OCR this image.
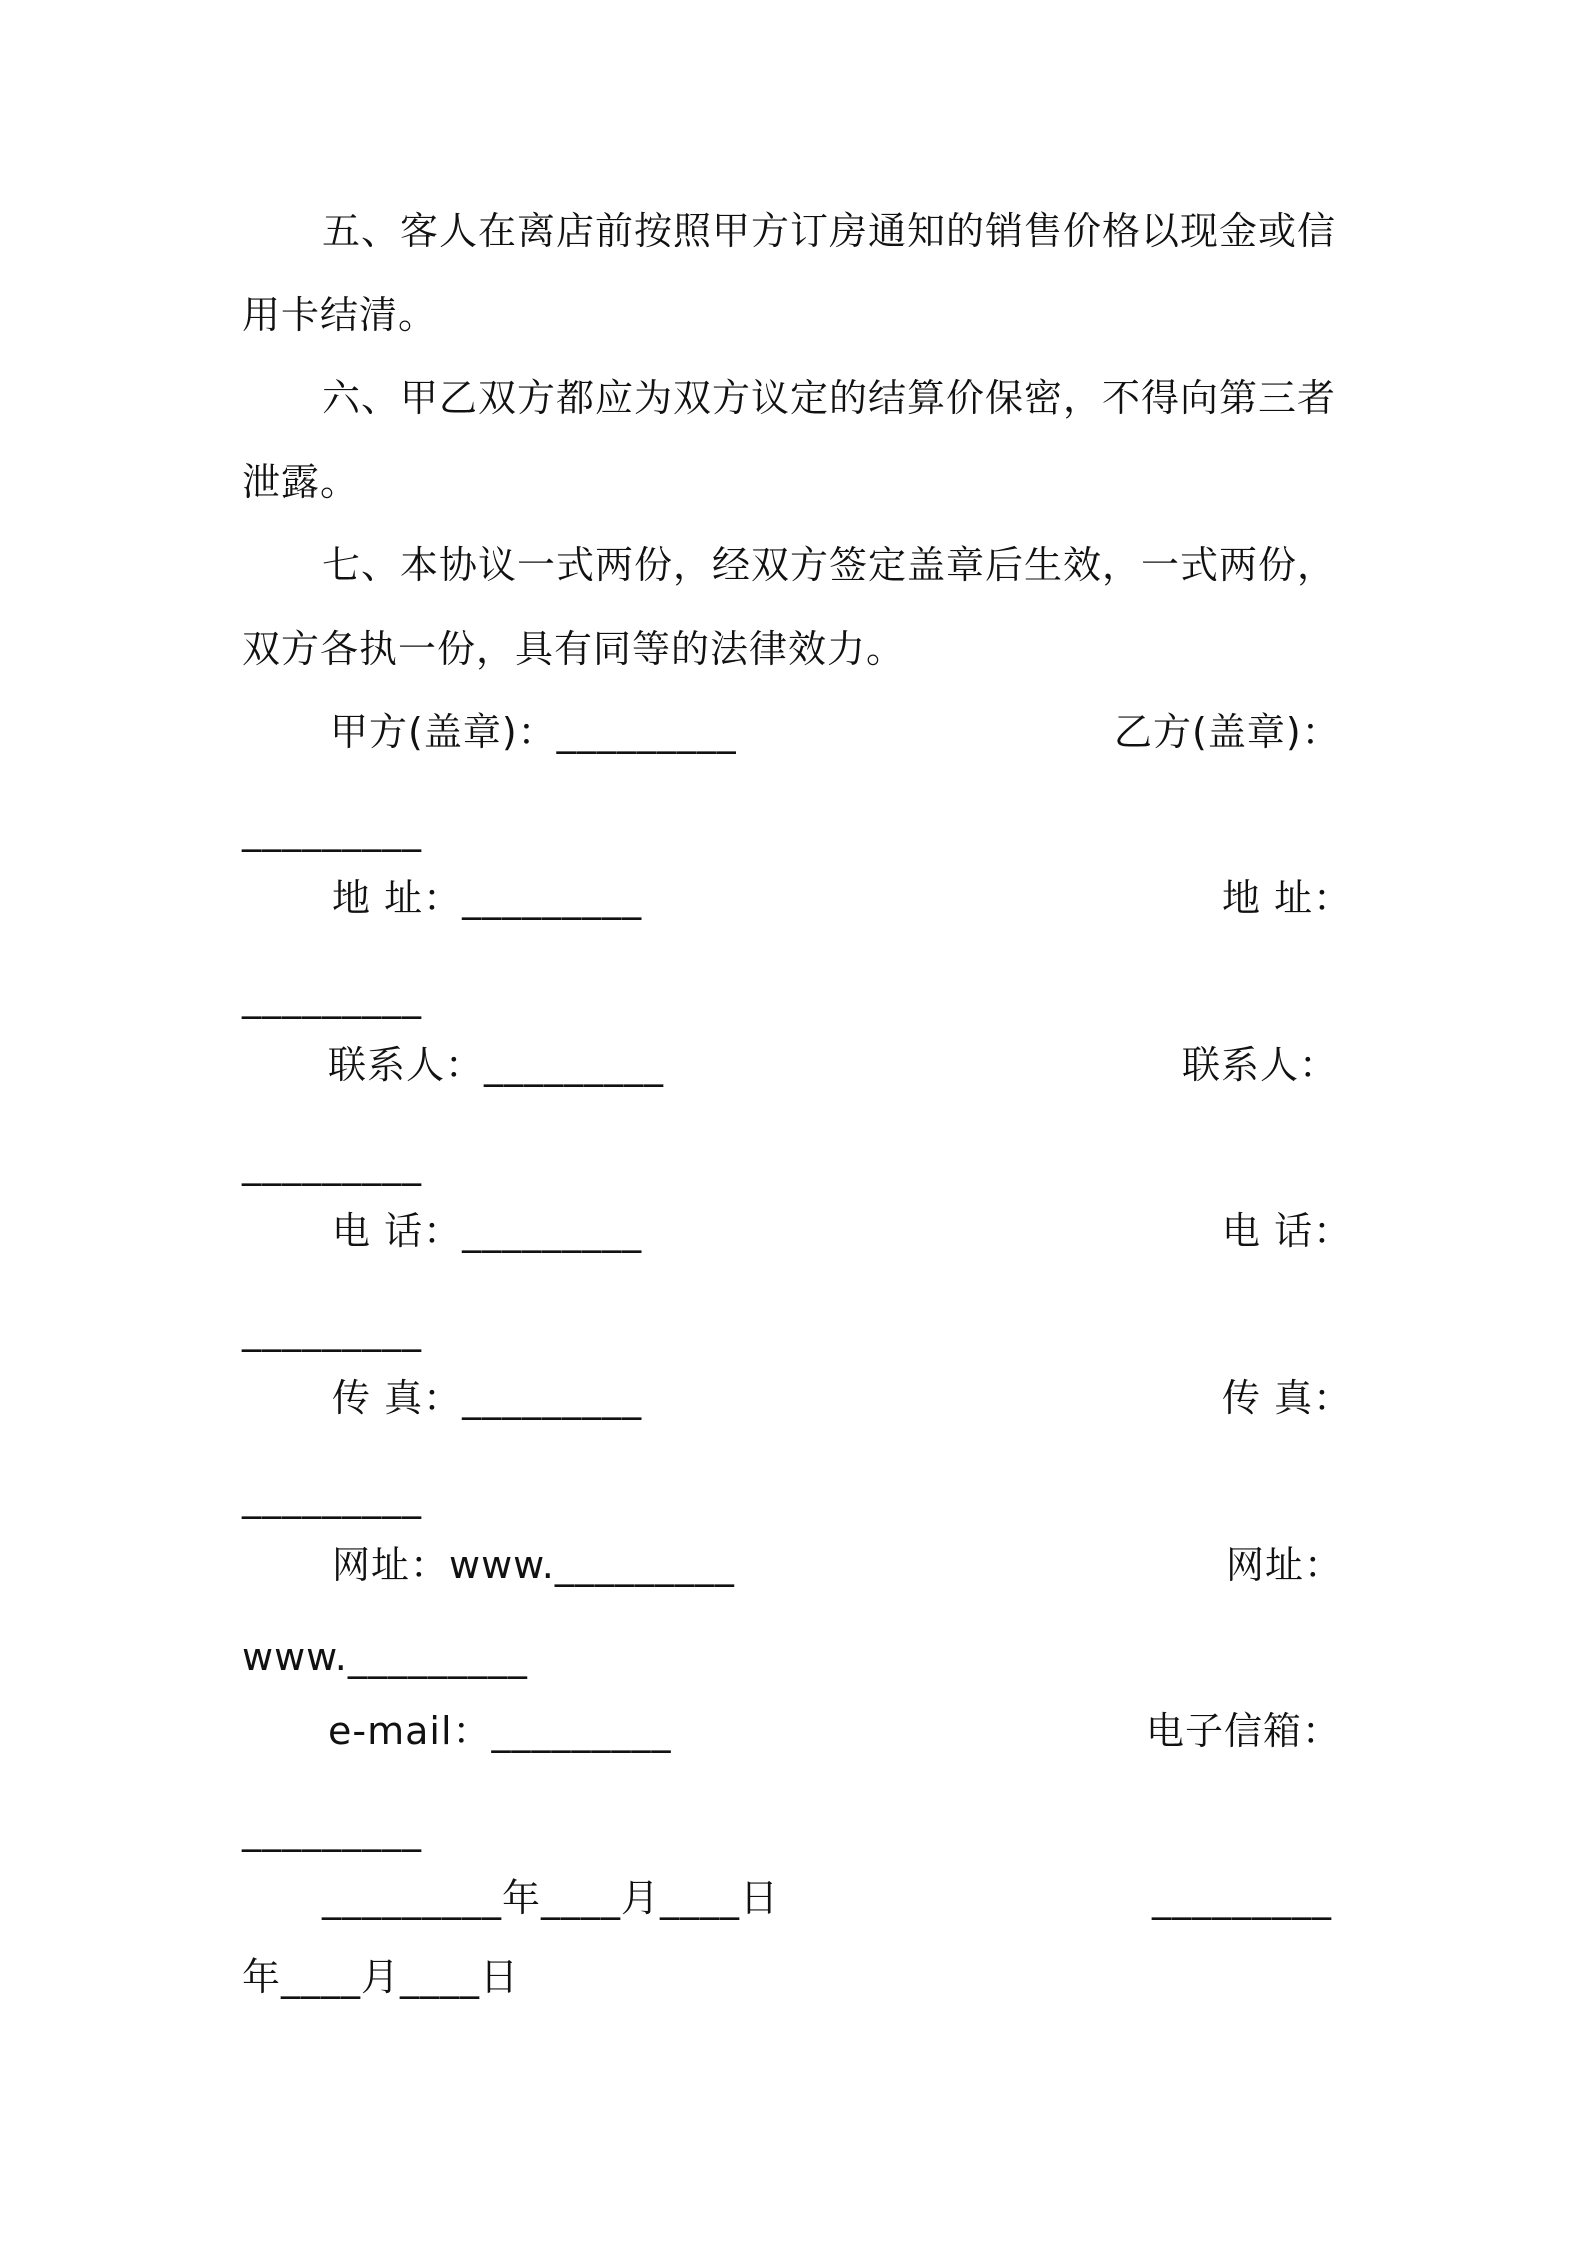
五、客人在离店前按照甲方订房通知的销售价格以现金或信
用卡结清。
六、甲乙双方都应为双方议定的结算价保密，不得向第三者
泄露。
七、本协议一式两份，经双方签定盖章后生效，一式两份，
双方各执一份，具有同等的法律效力。
甲方(盖章)：_________	乙方(盖章)：
_________
地 址：_________	地 址：
_________
联系人：_________	联系人：
_________
电 话：_________	电 话：
_________
传 真：_________	传 真：
_________
网址：www._________	网址：
www._________
e-mail：_________	电子信箱：
_________
_________年____月____日	_________
年____月____日
